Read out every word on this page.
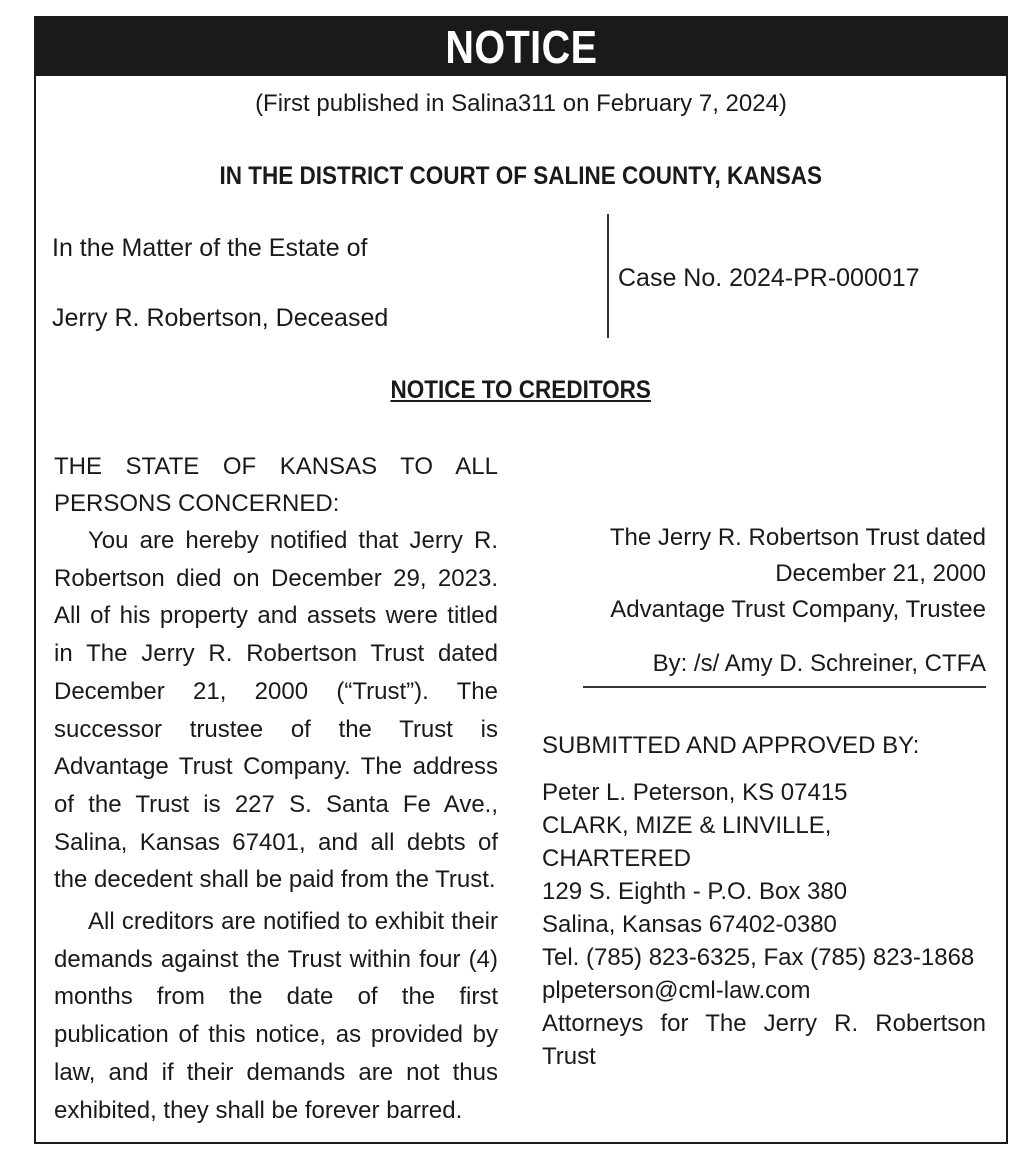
NOTICE
(First published in Salina311 on February 7, 2024)
IN THE DISTRICT COURT OF SALINE COUNTY, KANSAS
In the Matter of the Estate of
Jerry R. Robertson, Deceased
Case No. 2024-PR-000017
NOTICE TO CREDITORS

THE STATE OF KANSAS TO ALL PERSONS CONCERNED:

You are hereby notified that Jerry R. Robertson died on December 29, 2023. All of his property and assets were titled in The Jerry R. Robertson Trust dated December 21, 2000 (“Trust”). The successor trustee of the Trust is Advantage Trust Company. The address of the Trust is 227 S. Santa Fe Ave., Salina, Kansas 67401, and all debts of the decedent shall be paid from the Trust.

All creditors are notified to exhibit their demands against the Trust within four (4) months from the date of the first publication of this notice, as provided by law, and if their demands are not thus exhibited, they shall be forever barred.

The Jerry R. Robertson Trust dated
December 21, 2000
Advantage Trust Company, Trustee
By: /s/ Amy D. Schreiner, CTFA
SUBMITTED AND APPROVED BY:
Peter L. Peterson, KS 07415
CLARK, MIZE & LINVILLE,
CHARTERED
129 S. Eighth - P.O. Box 380
Salina, Kansas 67402-0380
Tel. (785) 823-6325, Fax (785) 823-1868
plpeterson@cml-law.com
Attorneys for The Jerry R. Robertson Trust
